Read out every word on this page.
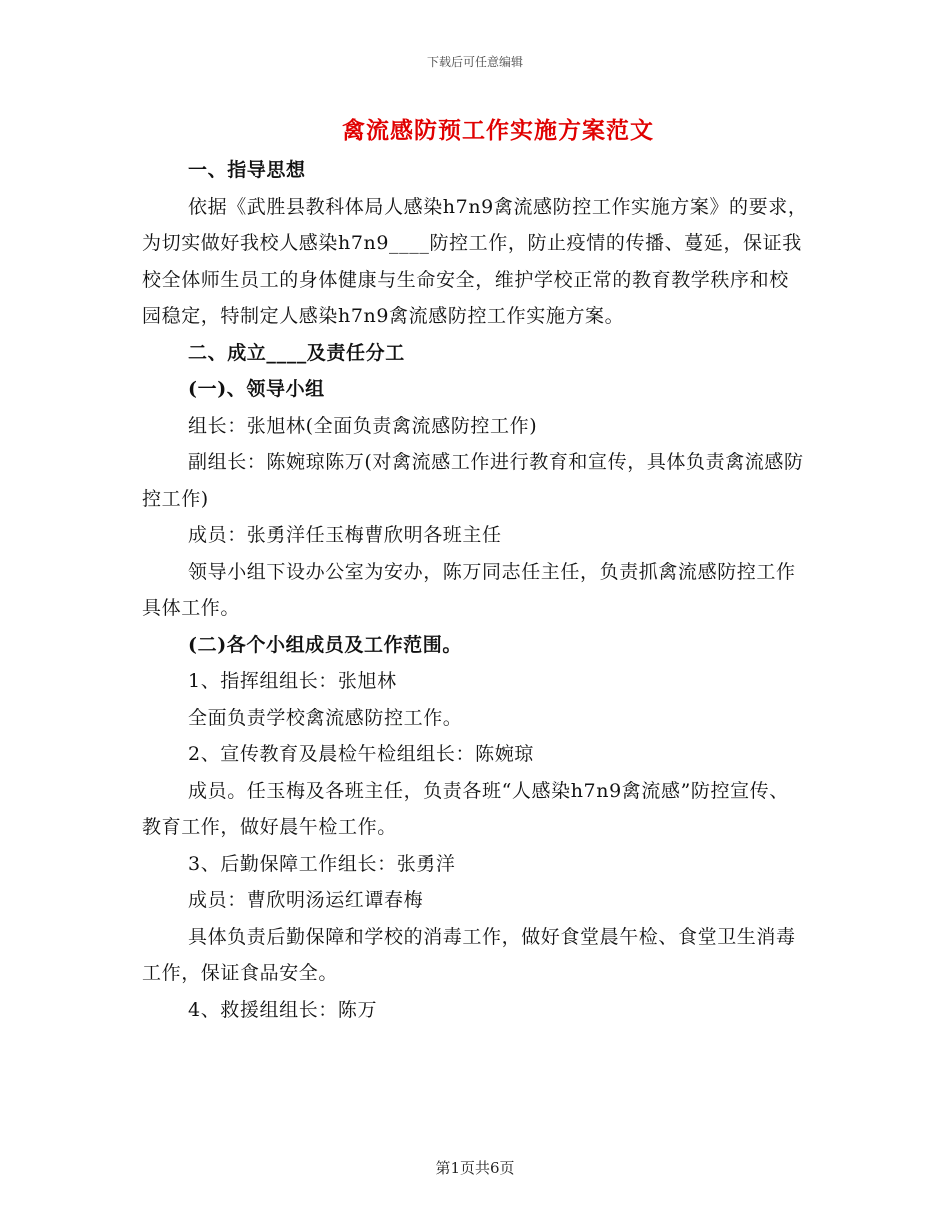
下载后可任意编辑
禽流感防预工作实施方案范文

一、指导思想

依据《武胜县教科体局人感染h7n9禽流感防控工作实施方案》的要求，为切实做好我校人感染h7n9____防控工作，防止疫情的传播、蔓延，保证我校全体师生员工的身体健康与生命安全，维护学校正常的教育教学秩序和校园稳定，特制定人感染h7n9禽流感防控工作实施方案。

二、成立____及责任分工

(一)、领导小组

组长：张旭林(全面负责禽流感防控工作)

副组长：陈婉琼陈万(对禽流感工作进行教育和宣传，具体负责禽流感防控工作)

成员：张勇洋任玉梅曹欣明各班主任

领导小组下设办公室为安办，陈万同志任主任，负责抓禽流感防控工作具体工作。

(二)各个小组成员及工作范围。

1、指挥组组长：张旭林

全面负责学校禽流感防控工作。

2、宣传教育及晨检午检组组长：陈婉琼

成员。任玉梅及各班主任，负责各班“人感染h7n9禽流感”防控宣传、教育工作，做好晨午检工作。

3、后勤保障工作组长：张勇洋

成员：曹欣明汤运红谭春梅

具体负责后勤保障和学校的消毒工作，做好食堂晨午检、食堂卫生消毒工作，保证食品安全。

4、救援组组长：陈万

第1页共6页
